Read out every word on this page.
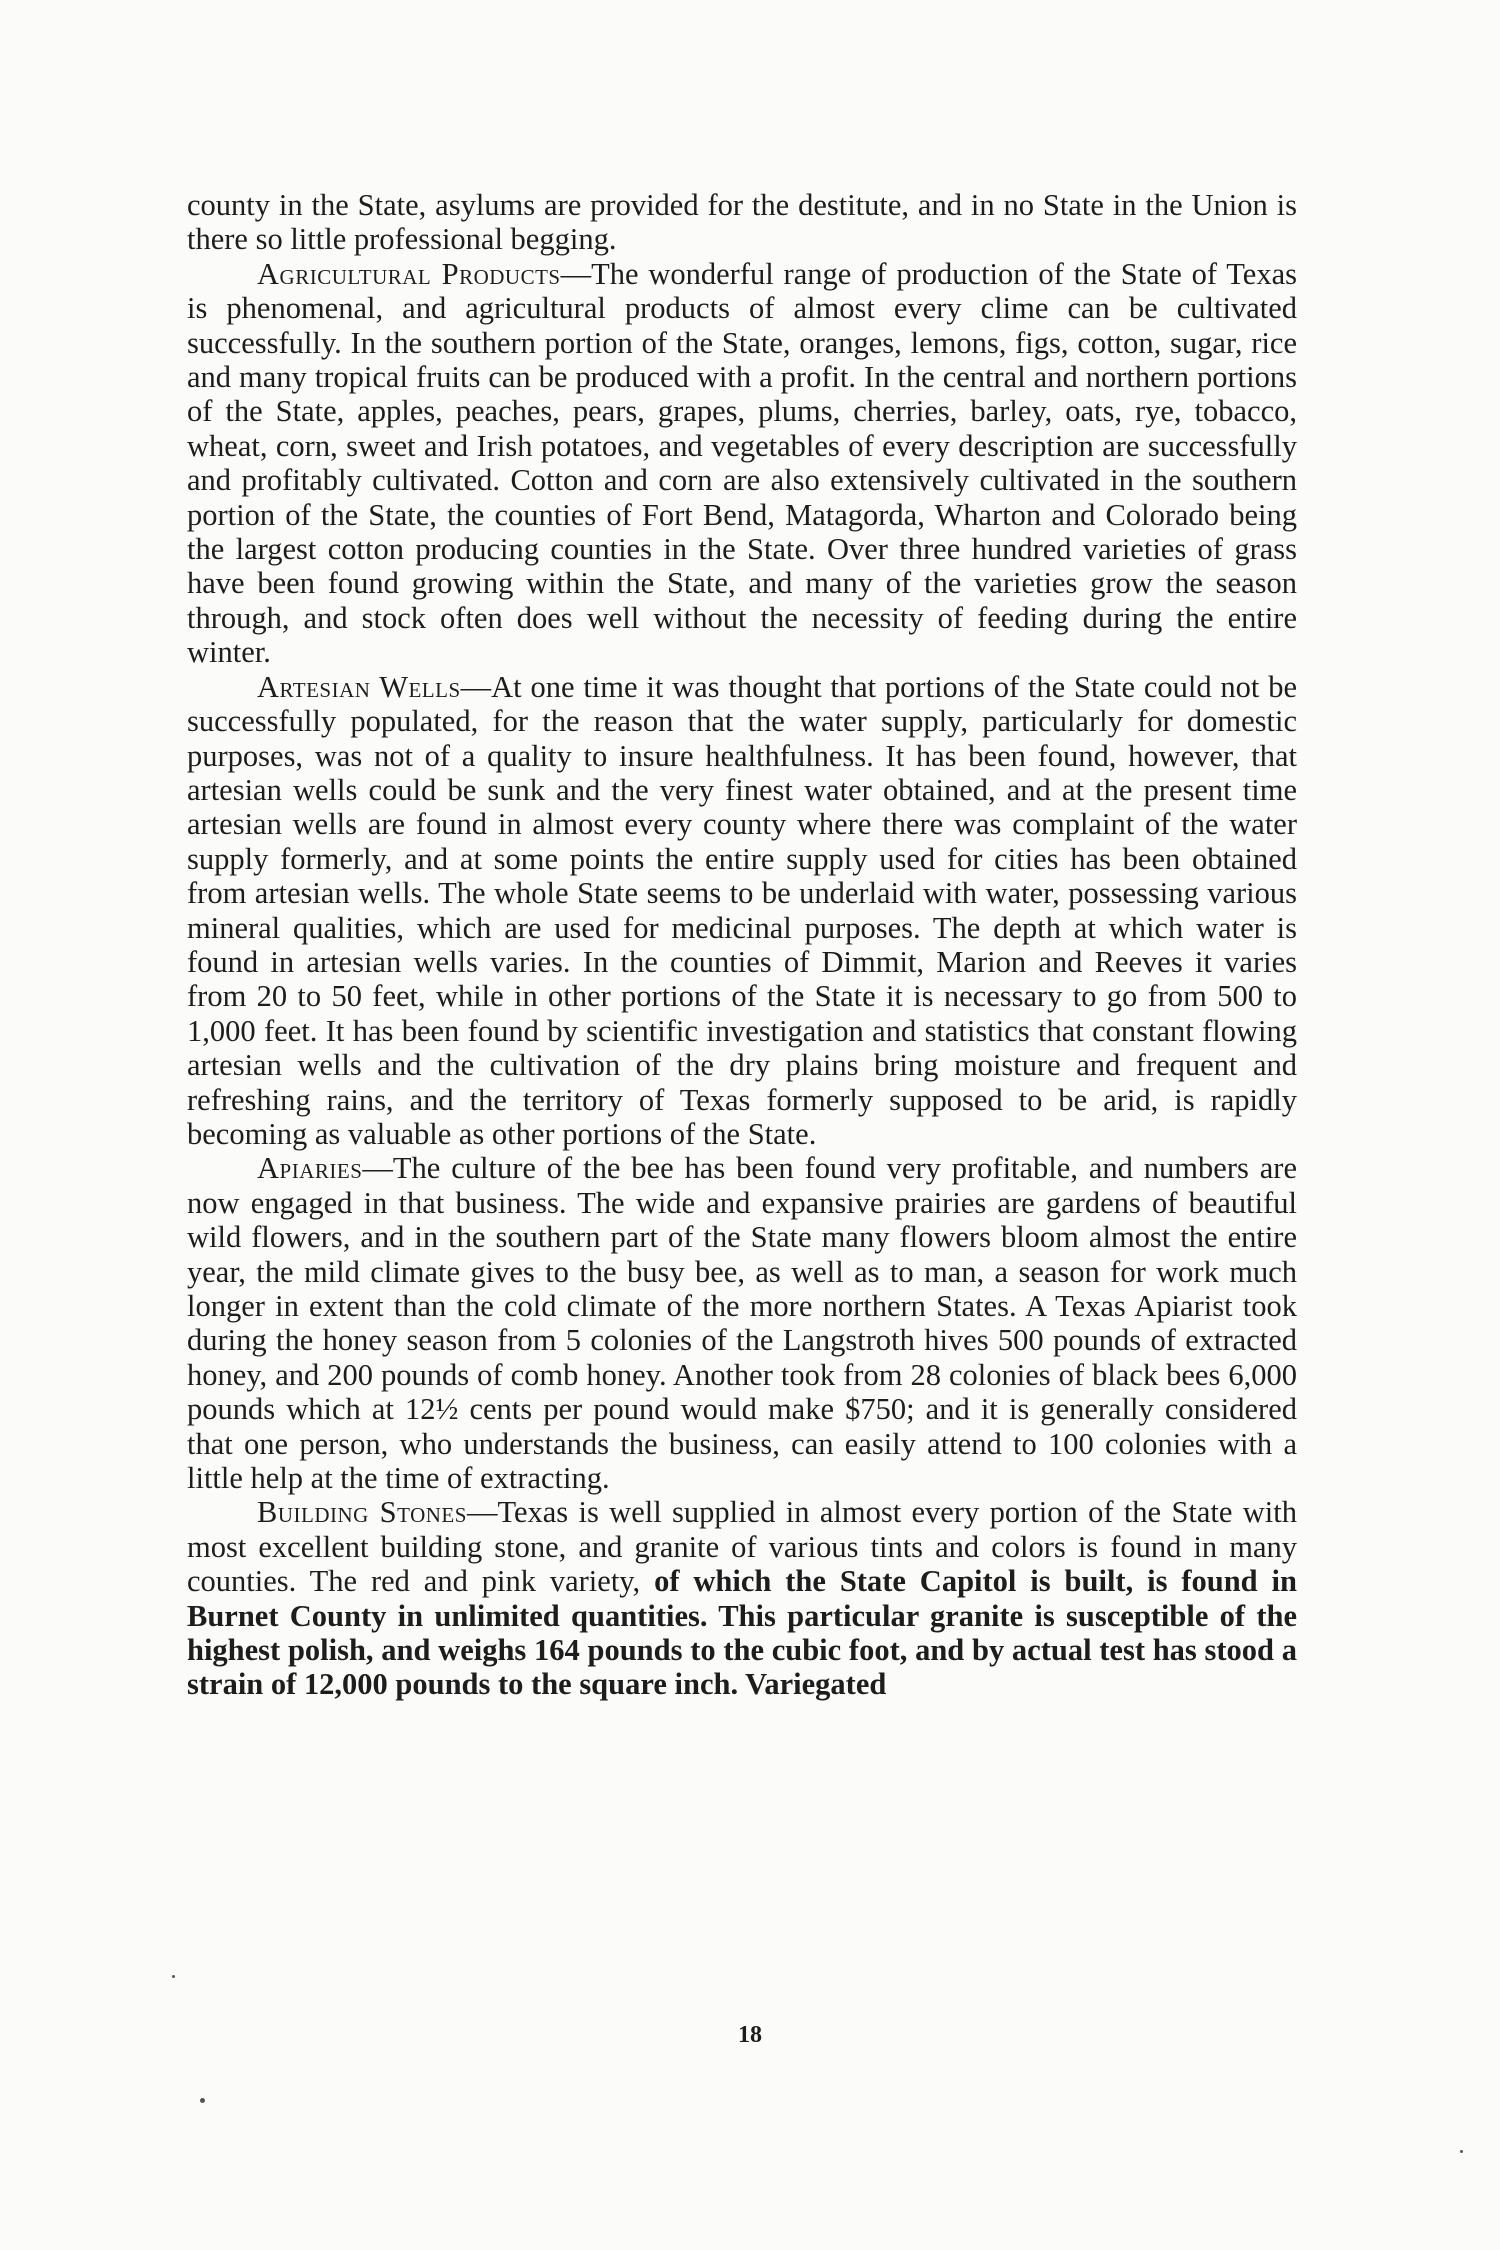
county in the State, asylums are provided for the destitute, and in no State in the Union is there so little professional begging.

Agricultural Products—The wonderful range of production of the State of Texas is phenomenal, and agricultural products of almost every clime can be cultivated successfully. In the southern portion of the State, oranges, lemons, figs, cotton, sugar, rice and many tropical fruits can be produced with a profit. In the central and northern portions of the State, apples, peaches, pears, grapes, plums, cherries, barley, oats, rye, tobacco, wheat, corn, sweet and Irish potatoes, and vegetables of every description are successfully and profitably cultivated. Cotton and corn are also extensively cultivated in the southern portion of the State, the counties of Fort Bend, Matagorda, Wharton and Colorado being the largest cotton producing counties in the State. Over three hundred varieties of grass have been found growing within the State, and many of the varieties grow the season through, and stock often does well without the necessity of feeding during the entire winter.

Artesian Wells—At one time it was thought that portions of the State could not be successfully populated, for the reason that the water supply, particularly for domestic purposes, was not of a quality to insure healthfulness. It has been found, however, that artesian wells could be sunk and the very finest water obtained, and at the present time artesian wells are found in almost every county where there was complaint of the water supply formerly, and at some points the entire supply used for cities has been obtained from artesian wells. The whole State seems to be underlaid with water, possessing various mineral qualities, which are used for medicinal purposes. The depth at which water is found in artesian wells varies. In the counties of Dimmit, Marion and Reeves it varies from 20 to 50 feet, while in other portions of the State it is necessary to go from 500 to 1,000 feet. It has been found by scientific investigation and statistics that constant flowing artesian wells and the cultivation of the dry plains bring moisture and frequent and refreshing rains, and the territory of Texas formerly supposed to be arid, is rapidly becoming as valuable as other portions of the State.

Apiaries—The culture of the bee has been found very profitable, and numbers are now engaged in that business. The wide and expansive prairies are gardens of beautiful wild flowers, and in the southern part of the State many flowers bloom almost the entire year, the mild climate gives to the busy bee, as well as to man, a season for work much longer in extent than the cold climate of the more northern States. A Texas Apiarist took during the honey season from 5 colonies of the Langstroth hives 500 pounds of extracted honey, and 200 pounds of comb honey. Another took from 28 colonies of black bees 6,000 pounds which at 12½ cents per pound would make $750; and it is generally considered that one person, who understands the business, can easily attend to 100 colonies with a little help at the time of extracting.

Building Stones—Texas is well supplied in almost every portion of the State with most excellent building stone, and granite of various tints and colors is found in many counties. The red and pink variety, of which the State Capitol is built, is found in Burnet County in unlimited quantities. This particular granite is susceptible of the highest polish, and weighs 164 pounds to the cubic foot, and by actual test has stood a strain of 12,000 pounds to the square inch. Variegated

18
